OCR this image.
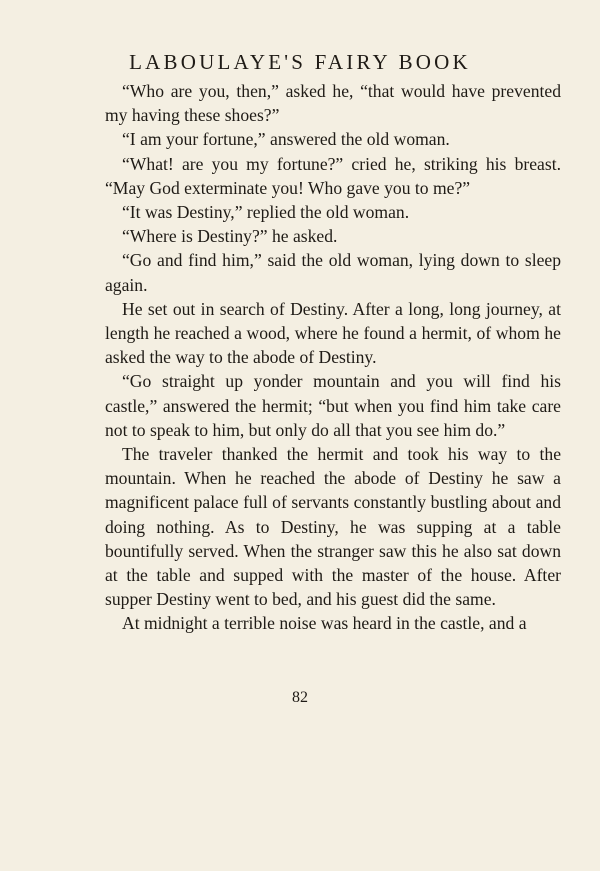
LABOULAYE'S FAIRY BOOK

“Who are you, then,” asked he, “that would have prevented my having these shoes?”

“I am your fortune,” answered the old woman.

“What! are you my fortune?” cried he, striking his breast. “May God exterminate you! Who gave you to me?”

“It was Destiny,” replied the old woman.

“Where is Destiny?” he asked.

“Go and find him,” said the old woman, lying down to sleep again.

He set out in search of Destiny. After a long, long journey, at length he reached a wood, where he found a hermit, of whom he asked the way to the abode of Destiny.

“Go straight up yonder mountain and you will find his castle,” answered the hermit; “but when you find him take care not to speak to him, but only do all that you see him do.”

The traveler thanked the hermit and took his way to the mountain. When he reached the abode of Destiny he saw a magnificent palace full of servants constantly bustling about and doing nothing. As to Destiny, he was supping at a table bountifully served. When the stranger saw this he also sat down at the table and supped with the master of the house. After supper Destiny went to bed, and his guest did the same.

At midnight a terrible noise was heard in the castle, and a

82
